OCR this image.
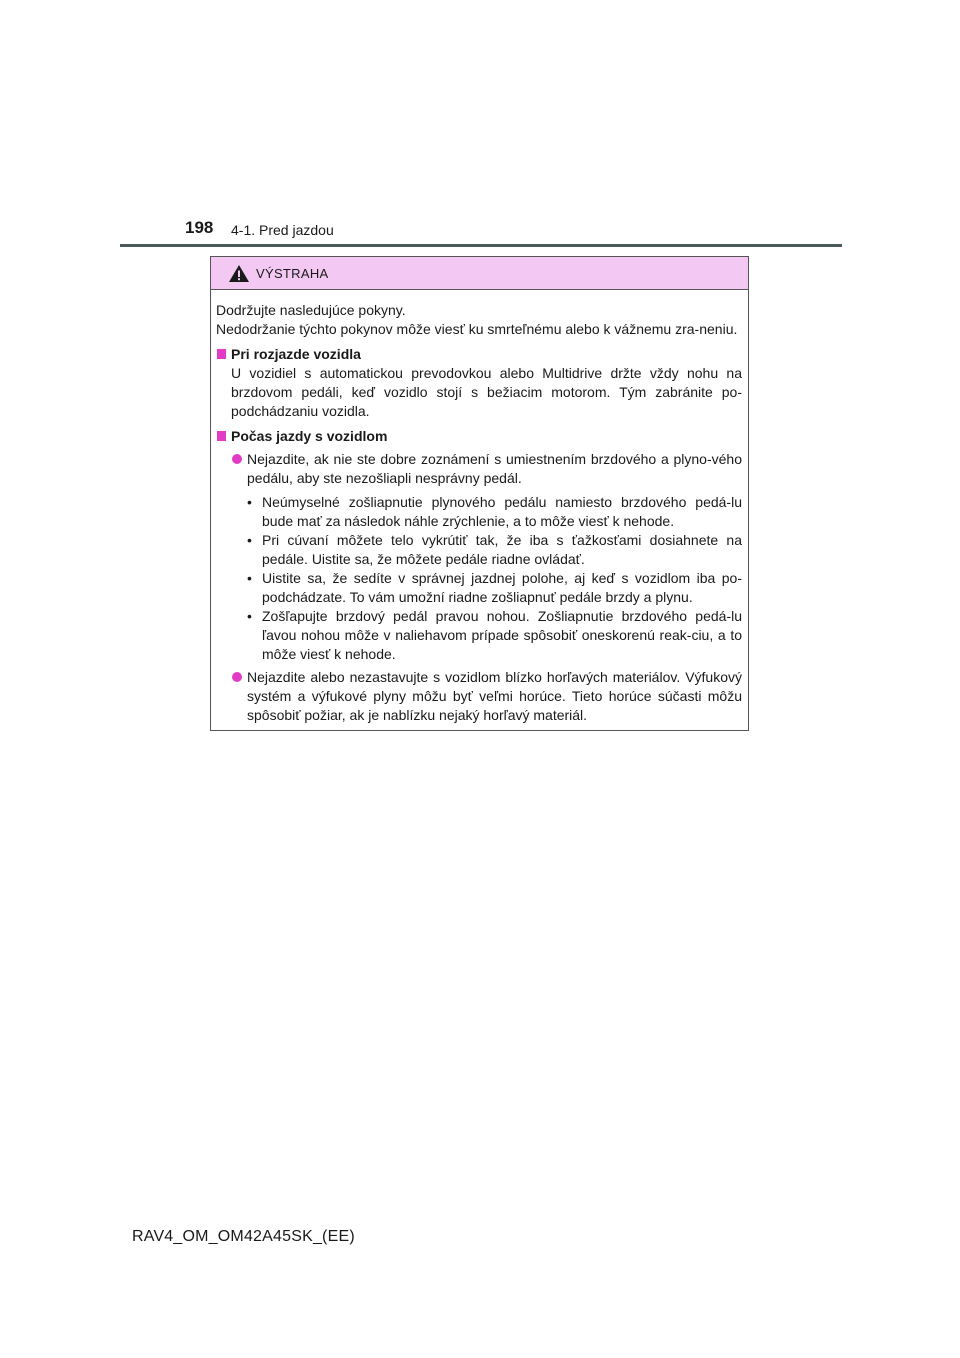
198 4-1. Pred jazdou
VÝSTRAHA

Dodržujte nasledujúce pokyny.

Nedodržanie týchto pokynov môže viesť ku smrteľnému alebo k vážnemu zra-neniu.

Pri rozjazde vozidla

U vozidiel s automatickou prevodovkou alebo Multidrive držte vždy nohu na brzdovom pedáli, keď vozidlo stojí s bežiacim motorom. Tým zabránite po-podchádzaniu vozidla.

Počas jazdy s vozidlom
Nejazdite, ak nie ste dobre zoznámení s umiestnením brzdového a plyno-vého pedálu, aby ste nezošliapli nesprávny pedál.
• Neúmyselné zošliapnutie plynového pedálu namiesto brzdového pedá-lu bude mať za následok náhle zrýchlenie, a to môže viesť k nehode.
• Pri cúvaní môžete telo vykrútiť tak, že iba s ťažkosťami dosiahnete na pedále. Uistite sa, že môžete pedále riadne ovládať.
• Uistite sa, že sedíte v správnej jazdnej polohe, aj keď s vozidlom iba po-podchádzate. To vám umožní riadne zošliapnuť pedále brzdy a plynu.
• Zošľapujte brzdový pedál pravou nohou. Zošliapnutie brzdového pedá-lu ľavou nohou môže v naliehavom prípade spôsobiť oneskorenú reak-ciu, a to môže viesť k nehode.
Nejazdite alebo nezastavujte s vozidlom blízko horľavých materiálov. Výfukový systém a výfukové plyny môžu byť veľmi horúce. Tieto horúce súčasti môžu spôsobiť požiar, ak je nablízku nejaký horľavý materiál.
RAV4_OM_OM42A45SK_(EE)
